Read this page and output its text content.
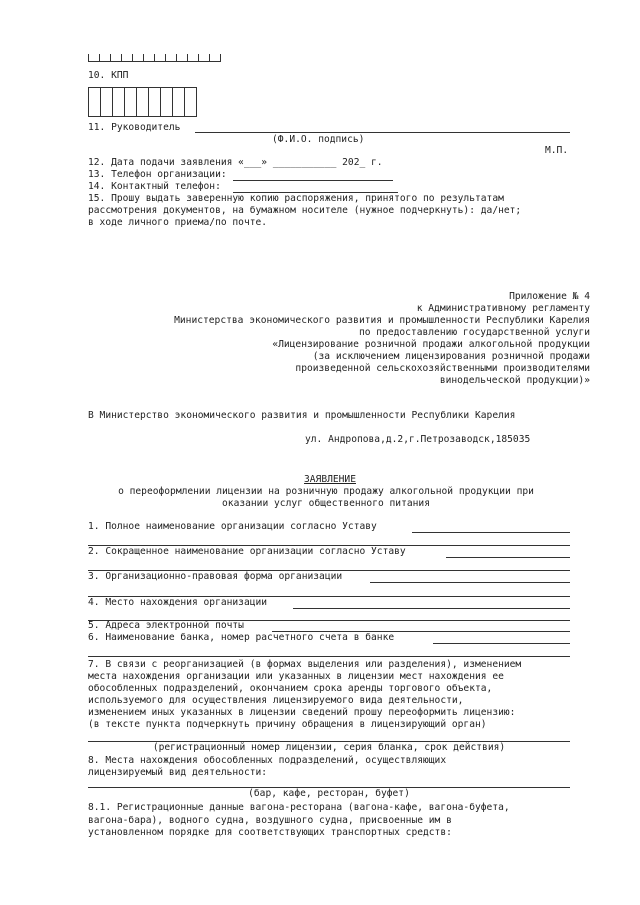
10. КПП
11. Руководитель
(Ф.И.О. подпись)
М.П.
12. Дата подачи заявления «___» ___________ 202_ г.
13. Телефон организации:
14. Контактный телефон:
15. Прошу выдать заверенную копию распоряжения, принятого по результатам
рассмотрения документов, на бумажном носителе (нужное подчеркнуть): да/нет;
в ходе личного приема/по почте.
Приложение № 4
к Административному регламенту
Министерства экономического развития и промышленности Республики Карелия
по предоставлению государственной услуги
«Лицензирование розничной продажи алкогольной продукции
(за исключением лицензирования розничной продажи
произведенной сельскохозяйственными производителями
винодельческой продукции)»
В Министерство экономического развития и промышленности Республики Карелия
ул. Андропова,д.2,г.Петрозаводск,185035
ЗАЯВЛЕНИЕ
о переоформлении лицензии на розничную продажу алкогольной продукции при
оказании услуг общественного питания
1. Полное наименование организации согласно Уставу
2. Сокращенное наименование организации согласно Уставу
3. Организационно-правовая форма организации
4. Место нахождения организации
5. Адреса электронной почты
6. Наименование банка, номер расчетного счета в банке
7. В связи с реорганизацией (в формах выделения или разделения), изменением
места нахождения организации или указанных в лицензии мест нахождения ее
обособленных подразделений, окончанием срока аренды торгового объекта,
используемого для осуществления лицензируемого вида деятельности,
изменением иных указанных в лицензии сведений прошу переоформить лицензию:
(в тексте пункта подчеркнуть причину обращения в лицензирующий орган)
(регистрационный номер лицензии, серия бланка, срок действия)
8. Места нахождения обособленных подразделений, осуществляющих
лицензируемый вид деятельности:
(бар, кафе, ресторан, буфет)
8.1. Регистрационные данные вагона-ресторана (вагона-кафе, вагона-буфета,
вагона-бара), водного судна, воздушного судна, присвоенные им в
установленном порядке для соответствующих транспортных средств:
